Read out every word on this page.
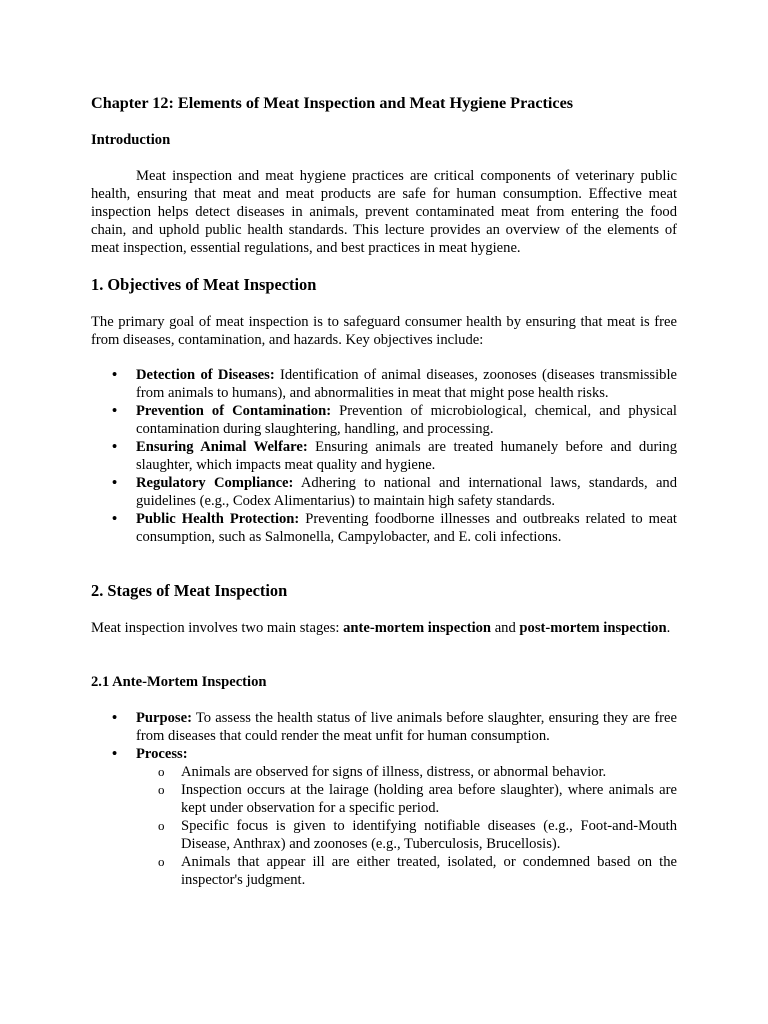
Chapter 12: Elements of Meat Inspection and Meat Hygiene Practices
Introduction

Meat inspection and meat hygiene practices are critical components of veterinary public health, ensuring that meat and meat products are safe for human consumption. Effective meat inspection helps detect diseases in animals, prevent contaminated meat from entering the food chain, and uphold public health standards. This lecture provides an overview of the elements of meat inspection, essential regulations, and best practices in meat hygiene.

1. Objectives of Meat Inspection

The primary goal of meat inspection is to safeguard consumer health by ensuring that meat is free from diseases, contamination, and hazards. Key objectives include:

• Detection of Diseases: Identification of animal diseases, zoonoses (diseases transmissible from animals to humans), and abnormalities in meat that might pose health risks.
• Prevention of Contamination: Prevention of microbiological, chemical, and physical contamination during slaughtering, handling, and processing.
• Ensuring Animal Welfare: Ensuring animals are treated humanely before and during slaughter, which impacts meat quality and hygiene.
• Regulatory Compliance: Adhering to national and international laws, standards, and guidelines (e.g., Codex Alimentarius) to maintain high safety standards.
• Public Health Protection: Preventing foodborne illnesses and outbreaks related to meat consumption, such as Salmonella, Campylobacter, and E. coli infections.
2. Stages of Meat Inspection

Meat inspection involves two main stages: ante-mortem inspection and post-mortem inspection.

2.1 Ante-Mortem Inspection
• Purpose: To assess the health status of live animals before slaughter, ensuring they are free from diseases that could render the meat unfit for human consumption.
• Process:
o Animals are observed for signs of illness, distress, or abnormal behavior.
o Inspection occurs at the lairage (holding area before slaughter), where animals are kept under observation for a specific period.
o Specific focus is given to identifying notifiable diseases (e.g., Foot-and-Mouth Disease, Anthrax) and zoonoses (e.g., Tuberculosis, Brucellosis).
o Animals that appear ill are either treated, isolated, or condemned based on the inspector's judgment.
